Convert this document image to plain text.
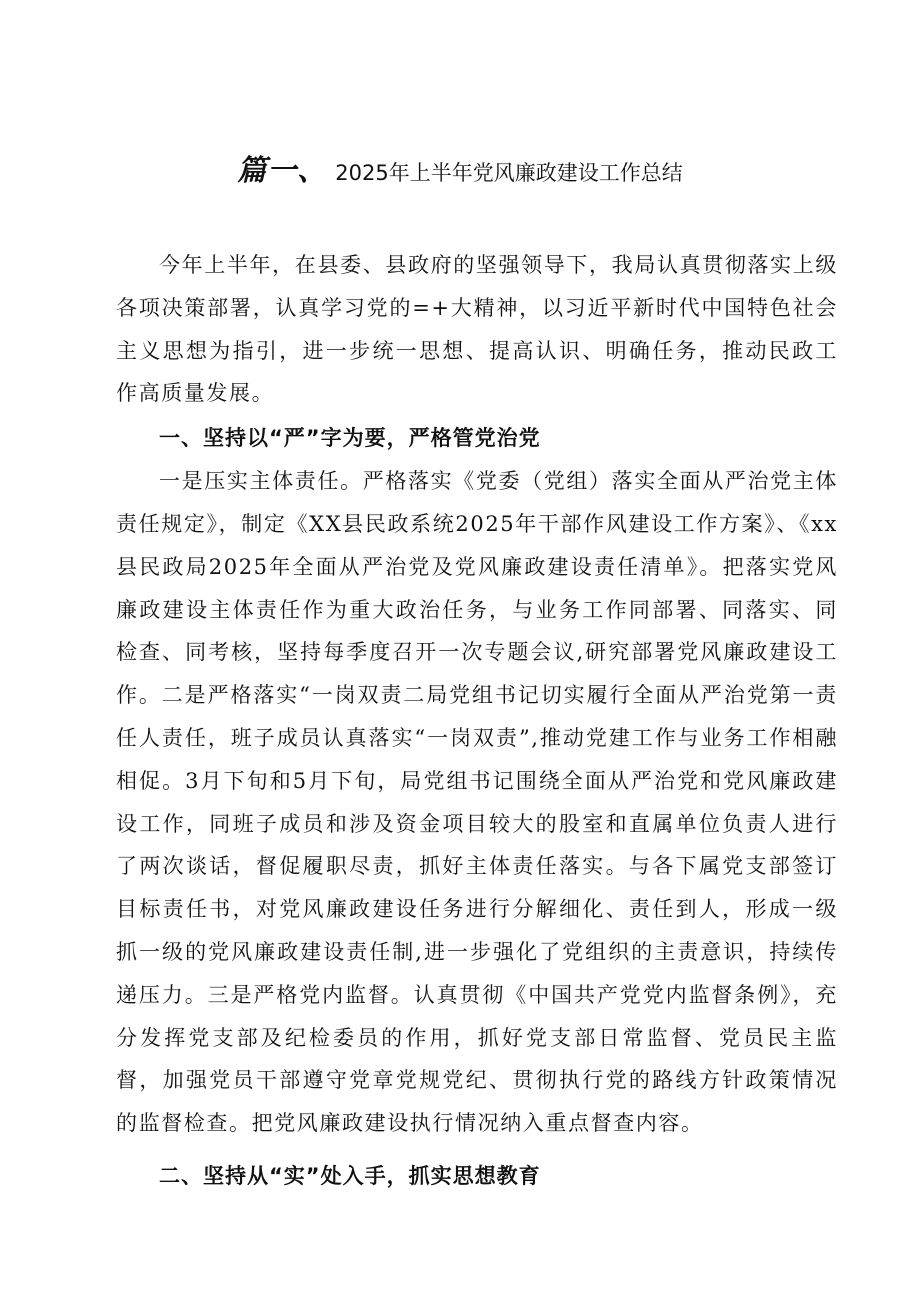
篇一、 2025年上半年党风廉政建设工作总结

今年上半年，在县委、县政府的坚强领导下，我局认真贯彻落实上级各项决策部署，认真学习党的=+大精神，以习近平新时代中国特色社会主义思想为指引，进一步统一思想、提高认识、明确任务，推动民政工作高质量发展。

一、坚持以“严”字为要，严格管党治党

一是压实主体责任。严格落实《党委（党组）落实全面从严治党主体责任规定》，制定《XX县民政系统2025年干部作风建设工作方案》、《xx县民政局2025年全面从严治党及党风廉政建设责任清单》。把落实党风廉政建设主体责任作为重大政治任务，与业务工作同部署、同落实、同检查、同考核，坚持每季度召开一次专题会议,研究部署党风廉政建设工作。二是严格落实“一岗双责二局党组书记切实履行全面从严治党第一责任人责任，班子成员认真落实“一岗双责”,推动党建工作与业务工作相融相促。3月下旬和5月下旬，局党组书记围绕全面从严治党和党风廉政建设工作，同班子成员和涉及资金项目较大的股室和直属单位负责人进行了两次谈话，督促履职尽责，抓好主体责任落实。与各下属党支部签订目标责任书，对党风廉政建设任务进行分解细化、责任到人，形成一级抓一级的党风廉政建设责任制,进一步强化了党组织的主责意识，持续传递压力。三是严格党内监督。认真贯彻《中国共产党党内监督条例》，充分发挥党支部及纪检委员的作用，抓好党支部日常监督、党员民主监督，加强党员干部遵守党章党规党纪、贯彻执行党的路线方针政策情况的监督检查。把党风廉政建设执行情况纳入重点督查内容。

二、坚持从“实”处入手，抓实思想教育
